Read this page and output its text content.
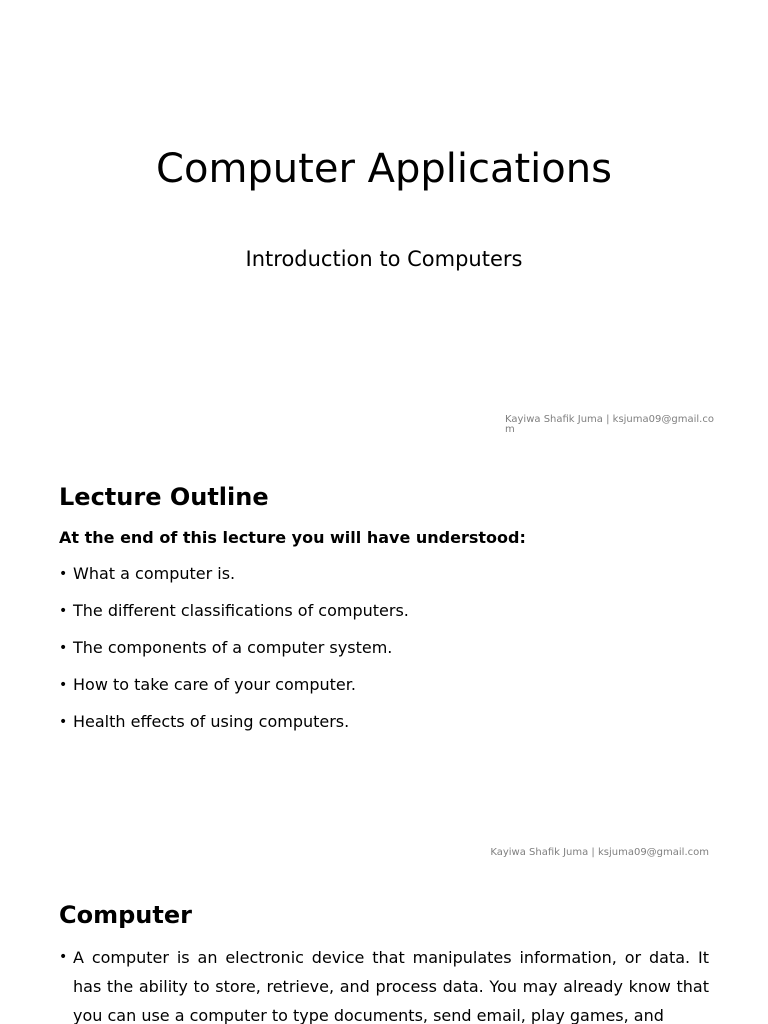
Computer Applications
Introduction to Computers
Kayiwa Shafik Juma | ksjuma09@gmail.com
Lecture Outline
At the end of this lecture you will have understood:
• What a computer is.
• The different classifications of computers.
• The components of a computer system.
• How to take care of your computer.
• Health effects of using computers.
Kayiwa Shafik Juma | ksjuma09@gmail.com
Computer
• A computer is an electronic device that manipulates information, or data. It has the ability to store, retrieve, and process data. You may already know that you can use a computer to type documents, send email, play games, and
